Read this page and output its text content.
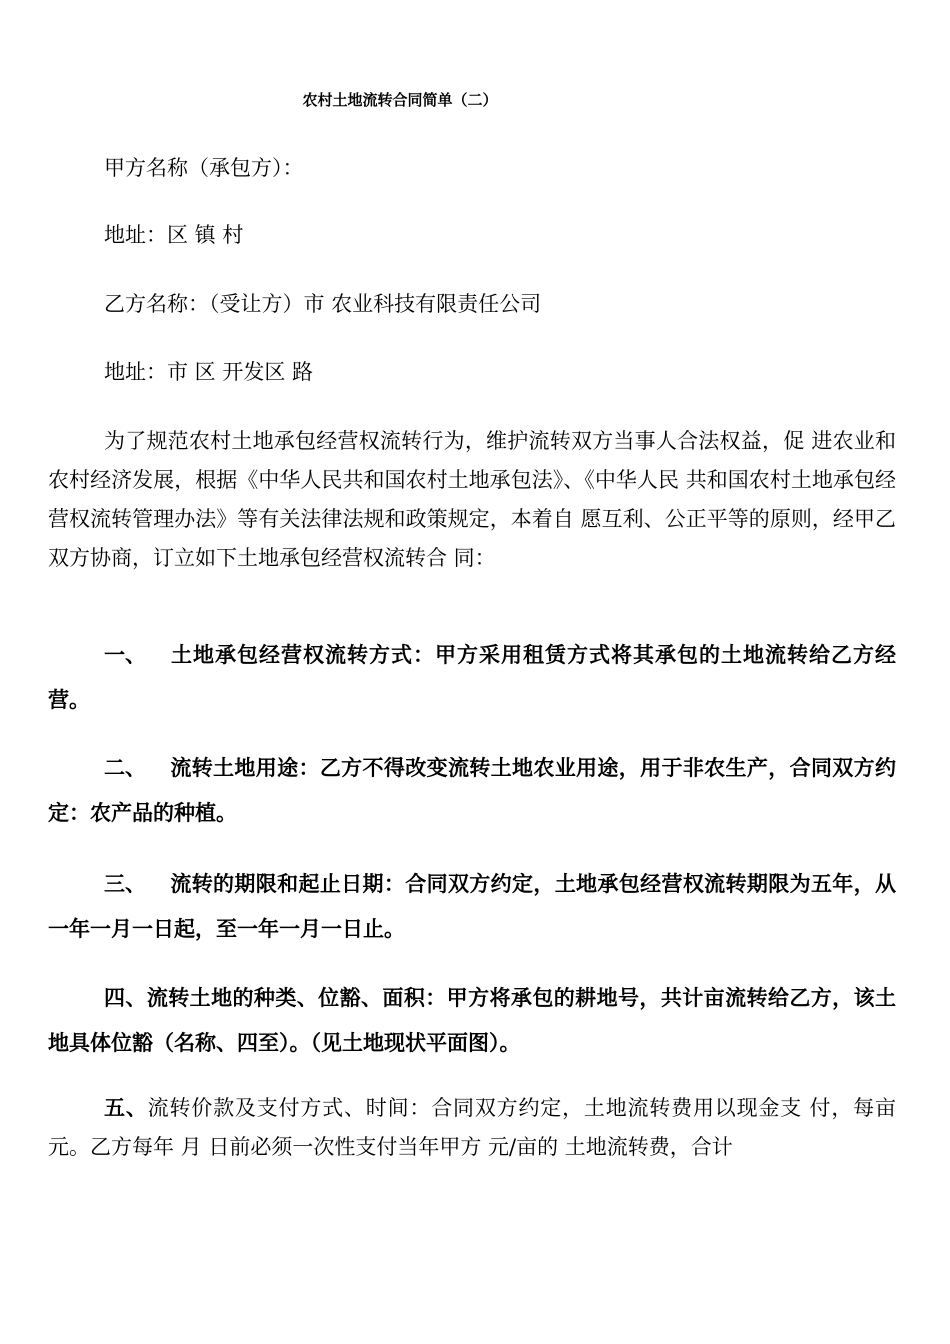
农村土地流转合同简单（二）
甲方名称（承包方）：
地址：区 镇 村
乙方名称：（受让方）市 农业科技有限责任公司
地址：市 区 开发区 路
为了规范农村土地承包经营权流转行为，维护流转双方当事人合法权益，促 进农业和农村经济发展，根据《中华人民共和国农村土地承包法》、《中华人民 共和国农村土地承包经营权流转管理办法》等有关法律法规和政策规定，本着自 愿互利、公正平等的原则，经甲乙双方协商，订立如下土地承包经营权流转合 同：
一、 土地承包经营权流转方式：甲方采用租赁方式将其承包的土地流转给乙方经营。
二、 流转土地用途：乙方不得改变流转土地农业用途，用于非农生产，合同双方约定：农产品的种植。
三、 流转的期限和起止日期：合同双方约定，土地承包经营权流转期限为五年，从一年一月一日起，至一年一月一日止。
四、流转土地的种类、位豁、面积：甲方将承包的耕地号，共计亩流转给乙方，该土地具体位豁（名称、四至）。（见土地现状平面图）。
五、流转价款及支付方式、时间：合同双方约定，土地流转费用以现金支 付，每亩 元。乙方每年 月 日前必须一次性支付当年甲方 元/亩的 土地流转费，合计
